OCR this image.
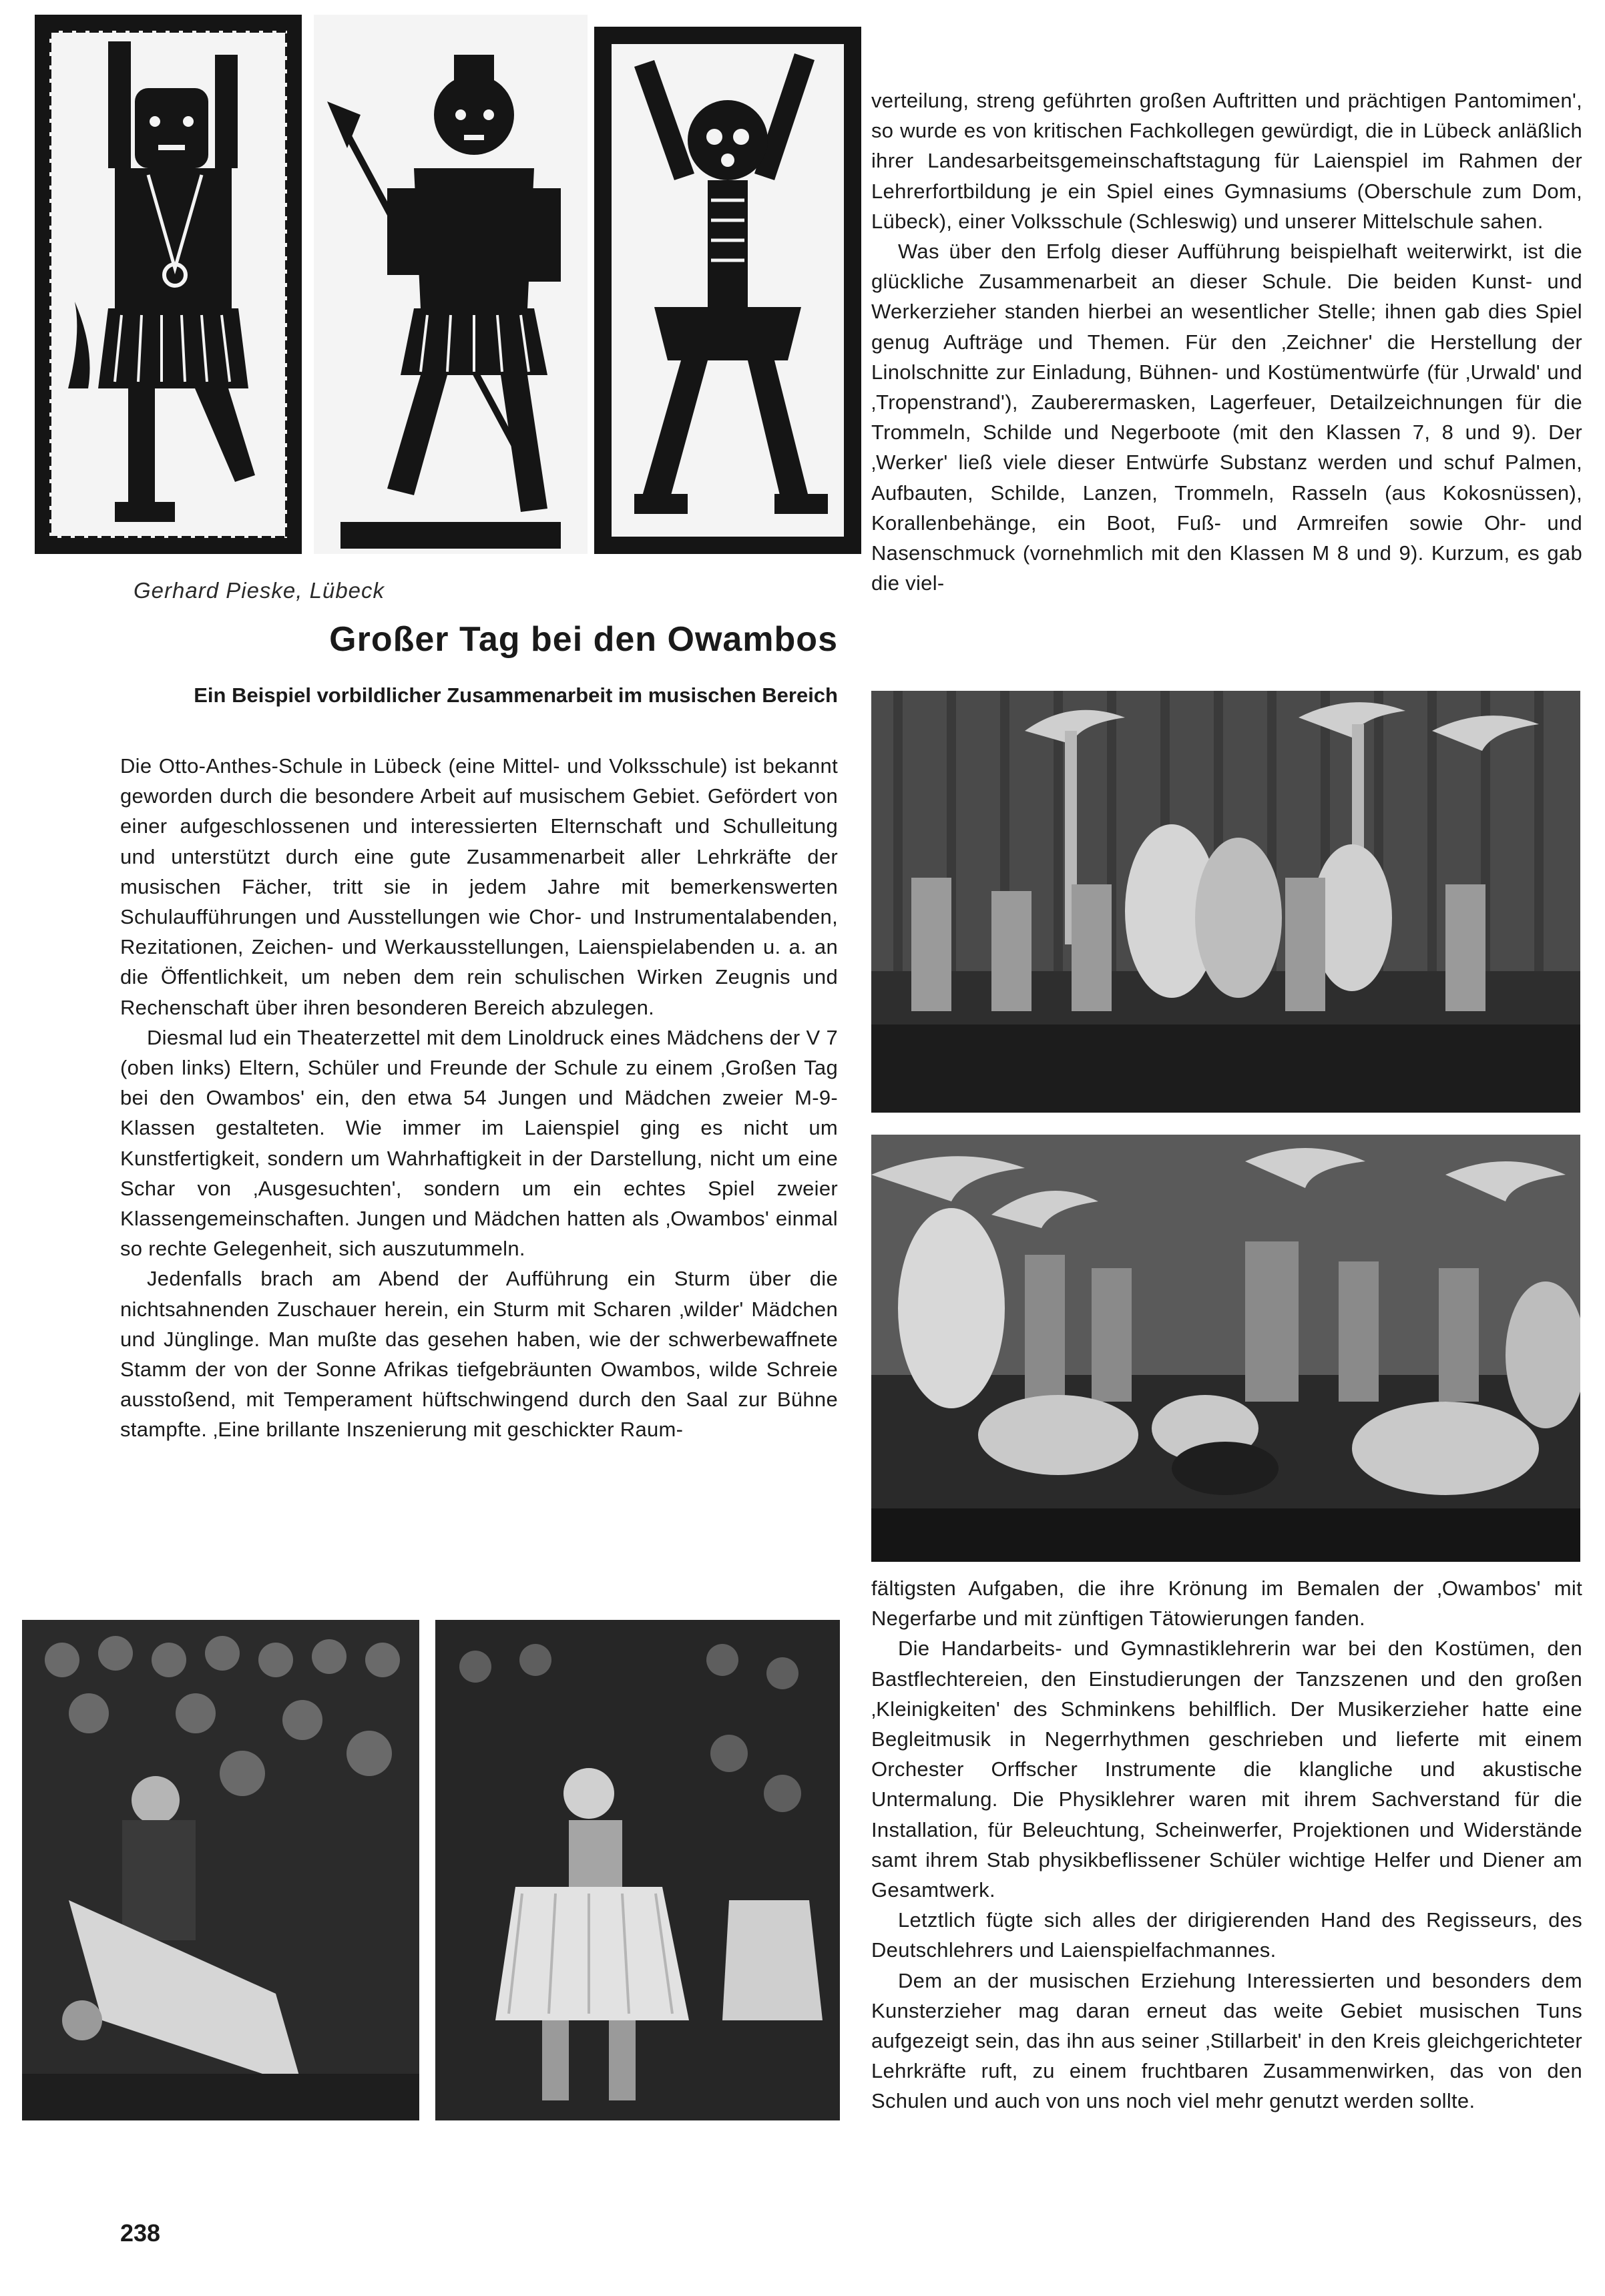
Gerhard Pieske, Lübeck
Großer Tag bei den Owambos
Ein Beispiel vorbildlicher Zusammenarbeit im musischen Bereich

Die Otto-Anthes-Schule in Lübeck (eine Mittel- und Volksschule) ist bekannt geworden durch die besondere Arbeit auf musischem Gebiet. Gefördert von einer aufgeschlossenen und interessierten Elternschaft und Schulleitung und unterstützt durch eine gute Zusammenarbeit aller Lehrkräfte der musischen Fächer, tritt sie in jedem Jahre mit bemerkenswerten Schulaufführungen und Ausstellungen wie Chor- und Instrumentalabenden, Rezitationen, Zeichen- und Werkausstellungen, Laienspielabenden u. a. an die Öffentlichkeit, um neben dem rein schulischen Wirken Zeugnis und Rechenschaft über ihren besonderen Bereich abzulegen.

Diesmal lud ein Theaterzettel mit dem Linoldruck eines Mädchens der V 7 (oben links) Eltern, Schüler und Freunde der Schule zu einem ‚Großen Tag bei den Owambos' ein, den etwa 54 Jungen und Mädchen zweier M-9-Klassen gestalteten. Wie immer im Laienspiel ging es nicht um Kunstfertigkeit, sondern um Wahrhaftigkeit in der Darstellung, nicht um eine Schar von ‚Ausgesuchten', sondern um ein echtes Spiel zweier Klassengemeinschaften. Jungen und Mädchen hatten als ‚Owambos' einmal so rechte Gelegenheit, sich auszutummeln.

Jedenfalls brach am Abend der Aufführung ein Sturm über die nichtsahnenden Zuschauer herein, ein Sturm mit Scharen ‚wilder' Mädchen und Jünglinge. Man mußte das gesehen haben, wie der schwerbewaffnete Stamm der von der Sonne Afrikas tiefgebräunten Owambos, wilde Schreie ausstoßend, mit Temperament hüftschwingend durch den Saal zur Bühne stampfte. ‚Eine brillante Inszenierung mit geschickter Raum-

verteilung, streng geführten großen Auftritten und prächtigen Pantomimen', so wurde es von kritischen Fachkollegen gewürdigt, die in Lübeck anläßlich ihrer Landesarbeitsgemeinschaftstagung für Laienspiel im Rahmen der Lehrerfortbildung je ein Spiel eines Gymnasiums (Oberschule zum Dom, Lübeck), einer Volksschule (Schleswig) und unserer Mittelschule sahen.

Was über den Erfolg dieser Aufführung beispielhaft weiterwirkt, ist die glückliche Zusammenarbeit an dieser Schule. Die beiden Kunst- und Werkerzieher standen hierbei an wesentlicher Stelle; ihnen gab dies Spiel genug Aufträge und Themen. Für den ‚Zeichner' die Herstellung der Linolschnitte zur Einladung, Bühnen- und Kostümentwürfe (für ‚Urwald' und ‚Tropenstrand'), Zauberermasken, Lagerfeuer, Detailzeichnungen für die Trommeln, Schilde und Negerboote (mit den Klassen 7, 8 und 9). Der ‚Werker' ließ viele dieser Entwürfe Substanz werden und schuf Palmen, Aufbauten, Schilde, Lanzen, Trommeln, Rasseln (aus Kokosnüssen), Korallenbehänge, ein Boot, Fuß- und Armreifen sowie Ohr- und Nasenschmuck (vornehmlich mit den Klassen M 8 und 9). Kurzum, es gab die viel-

fältigsten Aufgaben, die ihre Krönung im Bemalen der ‚Owambos' mit Negerfarbe und mit zünftigen Tätowierungen fanden.

Die Handarbeits- und Gymnastiklehrerin war bei den Kostümen, den Bastflechtereien, den Einstudierungen der Tanzszenen und den großen ‚Kleinigkeiten' des Schminkens behilflich. Der Musikerzieher hatte eine Begleitmusik in Negerrhythmen geschrieben und lieferte mit einem Orchester Orffscher Instrumente die klangliche und akustische Untermalung. Die Physiklehrer waren mit ihrem Sachverstand für die Installation, für Beleuchtung, Scheinwerfer, Projektionen und Widerstände samt ihrem Stab physikbeflissener Schüler wichtige Helfer und Diener am Gesamtwerk.

Letztlich fügte sich alles der dirigierenden Hand des Regisseurs, des Deutschlehrers und Laienspielfachmannes.

Dem an der musischen Erziehung Interessierten und besonders dem Kunsterzieher mag daran erneut das weite Gebiet musischen Tuns aufgezeigt sein, das ihn aus seiner ‚Stillarbeit' in den Kreis gleichgerichteter Lehrkräfte ruft, zu einem fruchtbaren Zusammenwirken, das von den Schulen und auch von uns noch viel mehr genutzt werden sollte.

238
